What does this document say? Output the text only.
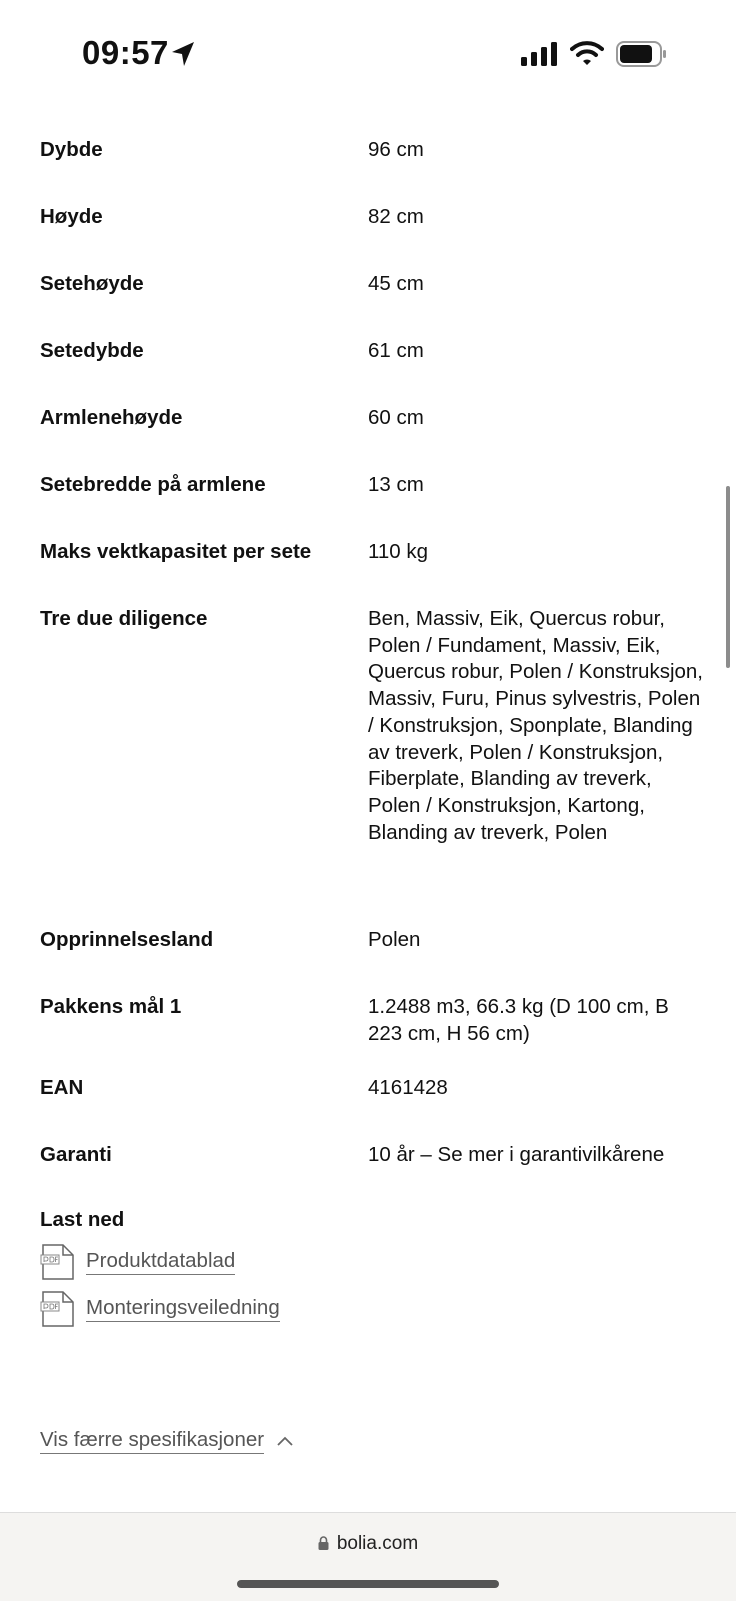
09:57
Dybde	96 cm
Høyde	82 cm
Setehøyde	45 cm
Setedybde	61 cm
Armlenehøyde	60 cm
Setebredde på armlene	13 cm
Maks vektkapasitet per sete	110 kg
Tre due diligence	Ben, Massiv, Eik, Quercus robur, Polen / Fundament, Massiv, Eik, Quercus robur, Polen / Konstruksjon, Massiv, Furu, Pinus sylvestris, Polen / Konstruksjon, Sponplate, Blanding av treverk, Polen / Konstruksjon, Fiberplate, Blanding av treverk, Polen / Konstruksjon, Kartong, Blanding av treverk, Polen
Opprinnelsesland	Polen
Pakkens mål 1	1.2488 m3, 66.3 kg (D 100 cm, B 223 cm, H 56 cm)
EAN	4161428
Garanti	10 år – Se mer i garantivilkårene
Last ned
Produktdatablad
Monteringsveiledning
Vis færre spesifikasjoner
bolia.com
